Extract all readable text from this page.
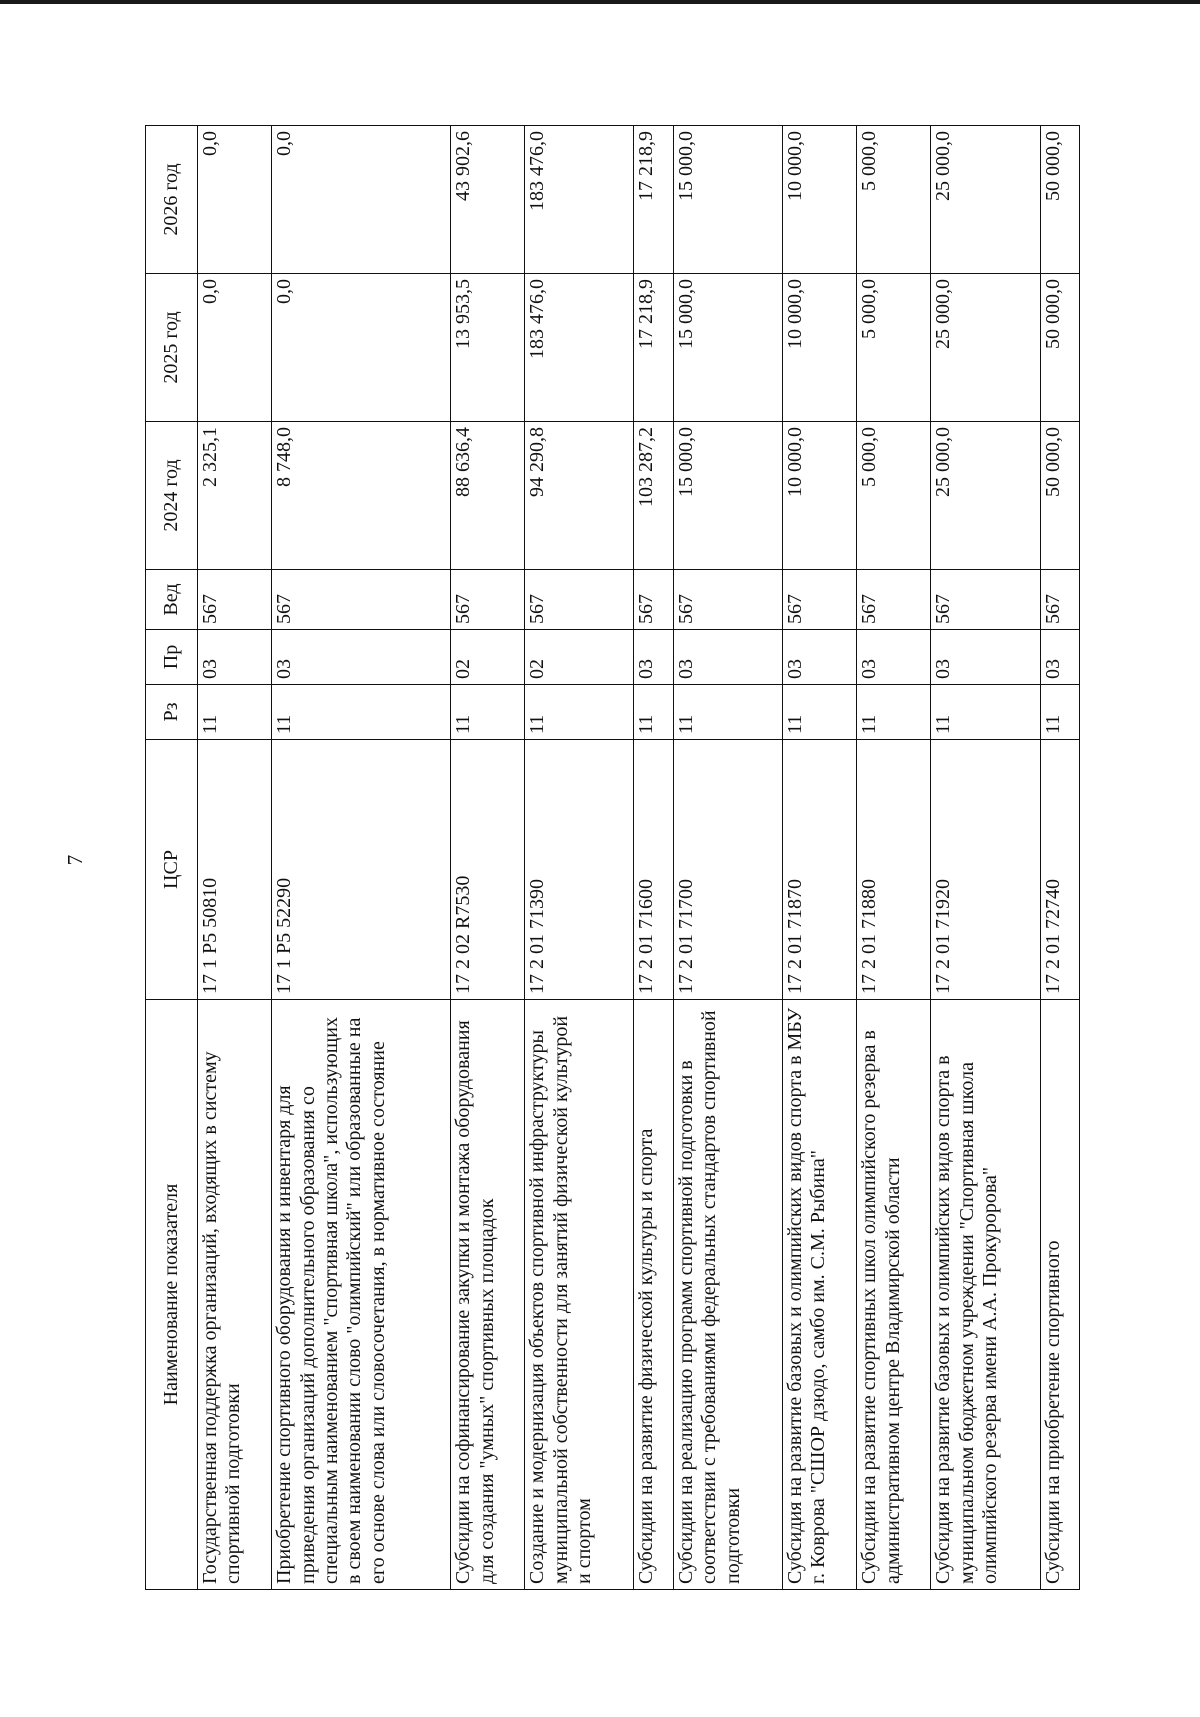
7
Наименование показателя	ЦСР	Рз	Пр	Вед	2024 год	2025 год	2026 год
Государственная поддержка организаций, входящих в систему спортивной подготовки	17 1 Р5 50810	11	03	567	2 325,1	0,0	0,0
Приобретение спортивного оборудования и инвентаря для приведения организаций дополнительного образования со специальным наименованием "спортивная школа", использующих в своем наименовании слово "олимпийский" или образованные на его основе слова или словосочетания, в нормативное состояние	17 1 Р5 52290	11	03	567	8 748,0	0,0	0,0
Субсидии на софинансирование закупки и монтажа оборудования для создания "умных" спортивных площадок	17 2 02 R7530	11	02	567	88 636,4	13 953,5	43 902,6
Создание и модернизация объектов спортивной инфраструктуры муниципальной собственности для занятий физической культурой и спортом	17 2 01 71390	11	02	567	94 290,8	183 476,0	183 476,0
Субсидии на развитие физической культуры и спорта	17 2 01 71600	11	03	567	103 287,2	17 218,9	17 218,9
Субсидии на реализацию программ спортивной подготовки в соответствии с требованиями федеральных стандартов спортивной подготовки	17 2 01 71700	11	03	567	15 000,0	15 000,0	15 000,0
Субсидия на развитие базовых и олимпийских видов спорта в МБУ г. Коврова "СШОР дзюдо, самбо им. С.М. Рыбина"	17 2 01 71870	11	03	567	10 000,0	10 000,0	10 000,0
Субсидии на развитие спортивных школ олимпийского резерва в административном центре Владимирской области	17 2 01 71880	11	03	567	5 000,0	5 000,0	5 000,0
Субсидия на развитие базовых и олимпийских видов спорта в муниципальном бюджетном учреждении "Спортивная школа олимпийского резерва имени А.А. Прокуророва"	17 2 01 71920	11	03	567	25 000,0	25 000,0	25 000,0
Субсидии на приобретение спортивного	17 2 01 72740	11	03	567	50 000,0	50 000,0	50 000,0
